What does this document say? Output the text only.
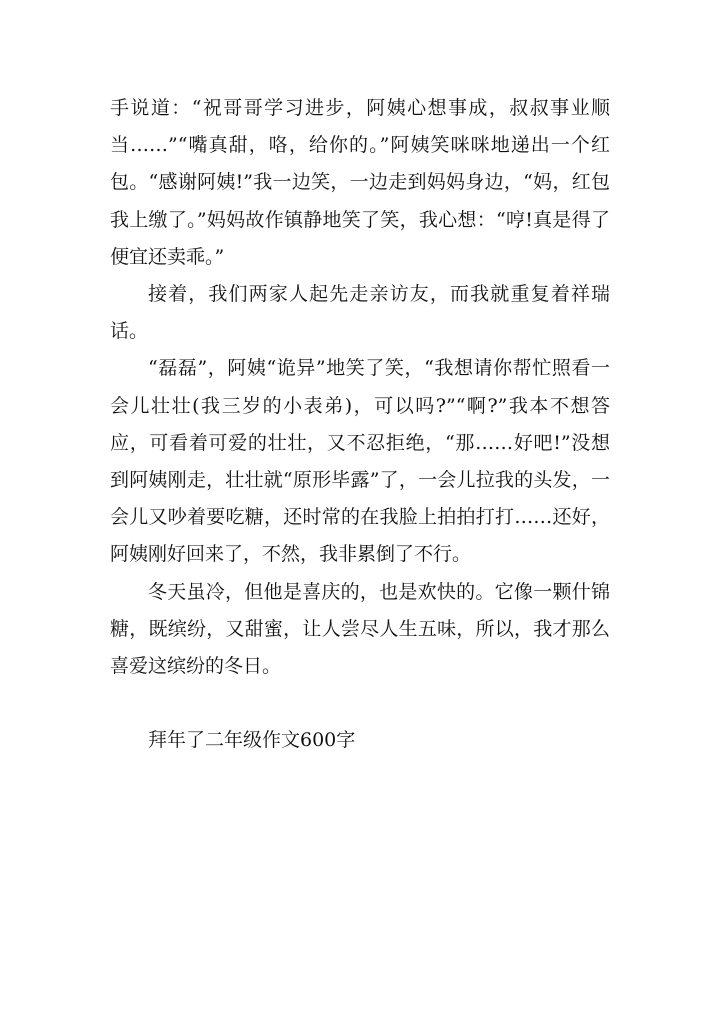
手说道：“祝哥哥学习进步，阿姨心想事成，叔叔事业顺当……”“嘴真甜，咯，给你的。”阿姨笑咪咪地递出一个红包。“感谢阿姨!”我一边笑，一边走到妈妈身边，“妈，红包我上缴了。”妈妈故作镇静地笑了笑，我心想：“哼!真是得了便宜还卖乖。”

接着，我们两家人起先走亲访友，而我就重复着祥瑞话。

“磊磊”，阿姨“诡异”地笑了笑，“我想请你帮忙照看一会儿壮壮(我三岁的小表弟)，可以吗?”“啊?”我本不想答应，可看着可爱的壮壮，又不忍拒绝，“那……好吧!”没想到阿姨刚走，壮壮就“原形毕露”了，一会儿拉我的头发，一会儿又吵着要吃糖，还时常的在我脸上拍拍打打……还好，阿姨刚好回来了，不然，我非累倒了不行。

冬天虽冷，但他是喜庆的，也是欢快的。它像一颗什锦糖，既缤纷，又甜蜜，让人尝尽人生五味，所以，我才那么喜爱这缤纷的冬日。

拜年了二年级作文600字
